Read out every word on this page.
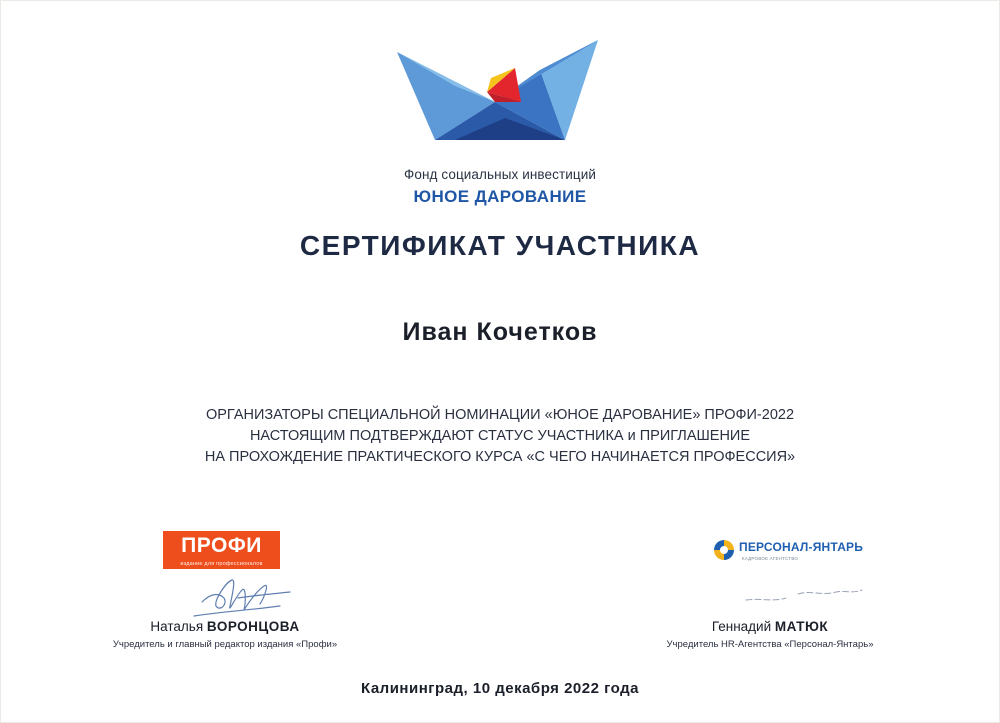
Фонд социальных инвестиций
ЮНОЕ ДАРОВАНИЕ
СЕРТИФИКАТ УЧАСТНИКА
Иван Кочетков
ОРГАНИЗАТОРЫ СПЕЦИАЛЬНОЙ НОМИНАЦИИ «ЮНОЕ ДАРОВАНИЕ» ПРОФИ-2022
НАСТОЯЩИМ ПОДТВЕРЖДАЮТ СТАТУС УЧАСТНИКА и ПРИГЛАШЕНИЕ
НА ПРОХОЖДЕНИЕ ПРАКТИЧЕСКОГО КУРСА «С ЧЕГО НАЧИНАЕТСЯ ПРОФЕССИЯ»
ПРОФИ
издание для профессионалов
ПЕРСОНАЛ-ЯНТАРЬ
КАДРОВОЕ АГЕНТСТВО
Наталья ВОРОНЦОВА
Учредитель и главный редактор издания «Профи»
Геннадий МАТЮК
Учредитель HR-Агентства «Персонал-Янтарь»
Калининград, 10 декабря 2022 года
